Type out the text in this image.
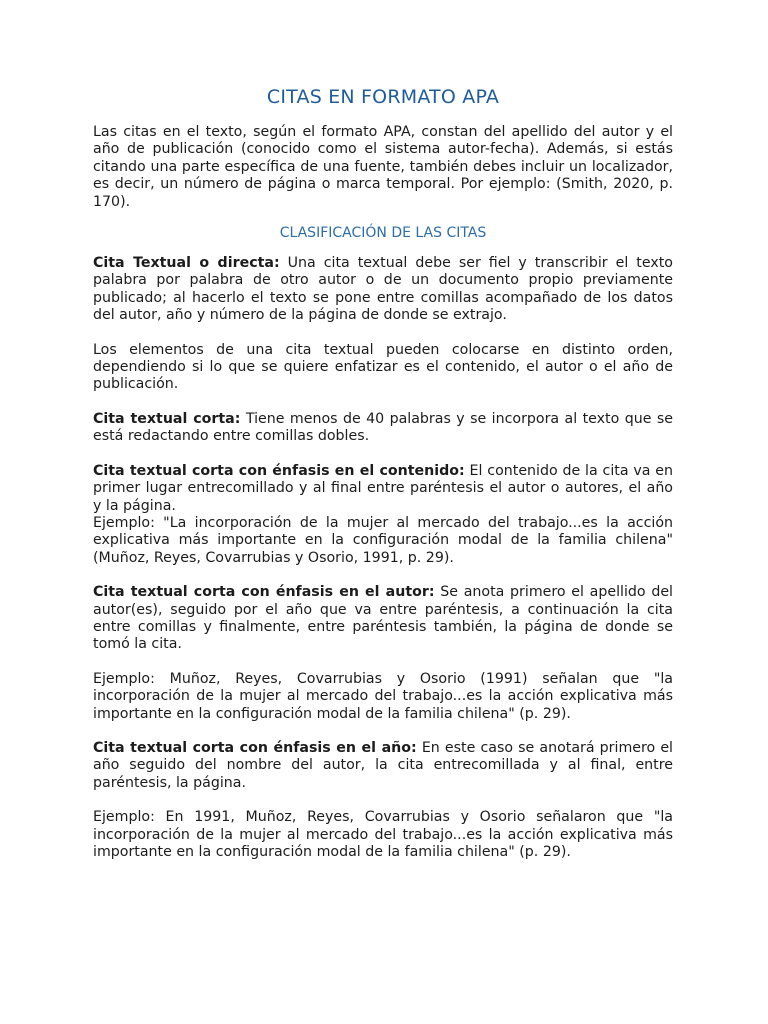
CITAS EN FORMATO APA

Las citas en el texto, según el formato APA, constan del apellido del autor y el año de publicación (conocido como el sistema autor-fecha). Además, si estás citando una parte específica de una fuente, también debes incluir un localizador, es decir, un número de página o marca temporal. Por ejemplo: (Smith, 2020, p. 170).

CLASIFICACIÓN DE LAS CITAS

Cita Textual o directa: Una cita textual debe ser fiel y transcribir el texto palabra por palabra de otro autor o de un documento propio previamente publicado; al hacerlo el texto se pone entre comillas acompañado de los datos del autor, año y número de la página de donde se extrajo.

Los elementos de una cita textual pueden colocarse en distinto orden, dependiendo si lo que se quiere enfatizar es el contenido, el autor o el año de publicación.

Cita textual corta: Tiene menos de 40 palabras y se incorpora al texto que se está redactando entre comillas dobles.

Cita textual corta con énfasis en el contenido: El contenido de la cita va en primer lugar entrecomillado y al final entre paréntesis el autor o autores, el año y la página.

Ejemplo: "La incorporación de la mujer al mercado del trabajo...es la acción explicativa más importante en la configuración modal de la familia chilena" (Muñoz, Reyes, Covarrubias y Osorio, 1991, p. 29).

Cita textual corta con énfasis en el autor: Se anota primero el apellido del autor(es), seguido por el año que va entre paréntesis, a continuación la cita entre comillas y finalmente, entre paréntesis también, la página de donde se tomó la cita.

Ejemplo: Muñoz, Reyes, Covarrubias y Osorio (1991) señalan que "la incorporación de la mujer al mercado del trabajo...es la acción explicativa más importante en la configuración modal de la familia chilena" (p. 29).

Cita textual corta con énfasis en el año: En este caso se anotará primero el año seguido del nombre del autor, la cita entrecomillada y al final, entre paréntesis, la página.

Ejemplo: En 1991, Muñoz, Reyes, Covarrubias y Osorio señalaron que "la incorporación de la mujer al mercado del trabajo...es la acción explicativa más importante en la configuración modal de la familia chilena" (p. 29).
